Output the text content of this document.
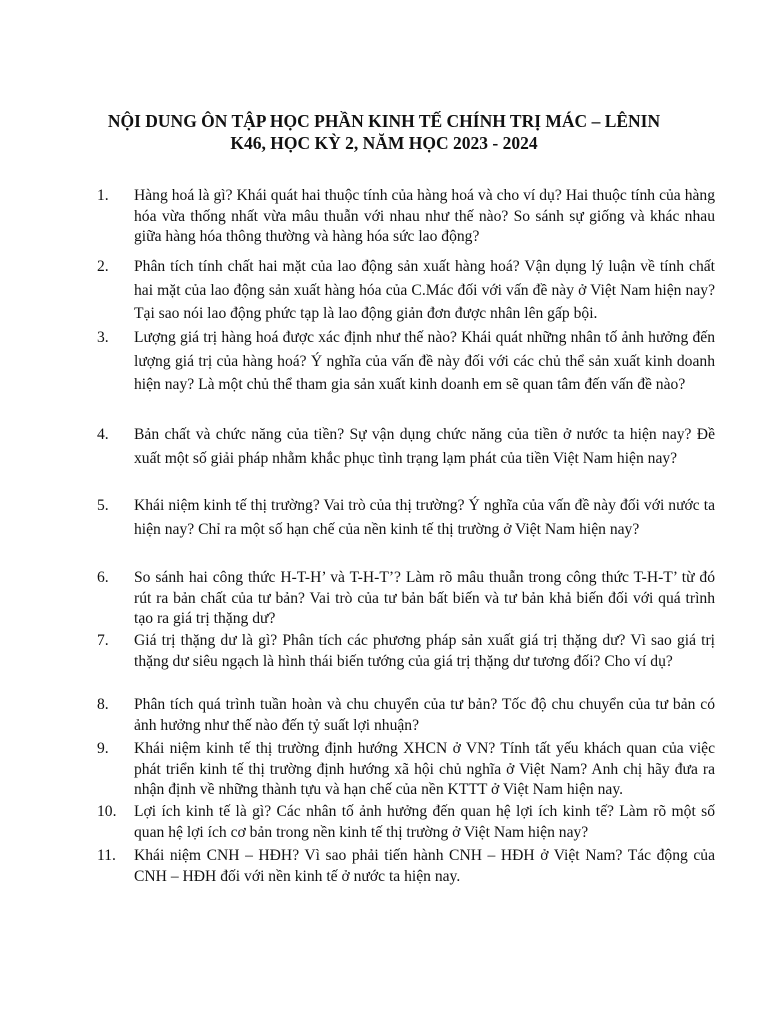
NỘI DUNG ÔN TẬP HỌC PHẦN KINH TẾ CHÍNH TRỊ MÁC – LÊNIN
K46, HỌC KỲ 2, NĂM HỌC 2023 - 2024
1.	Hàng hoá là gì? Khái quát hai thuộc tính của hàng hoá và cho ví dụ? Hai thuộc tính của hàng hóa vừa thống nhất vừa mâu thuẫn với nhau như thế nào? So sánh sự giống và khác nhau giữa hàng hóa thông thường và hàng hóa sức lao động?
2.	Phân tích tính chất hai mặt của lao động sản xuất hàng hoá? Vận dụng lý luận về tính chất hai mặt của lao động sản xuất hàng hóa của C.Mác đối với vấn đề này ở Việt Nam hiện nay? Tại sao nói lao động phức tạp là lao động giản đơn được nhân lên gấp bội.
3.	Lượng giá trị hàng hoá được xác định như thế nào? Khái quát những nhân tố ảnh hưởng đến lượng giá trị của hàng hoá? Ý nghĩa của vấn đề này đối với các chủ thể sản xuất kinh doanh hiện nay? Là một chủ thể tham gia sản xuất kinh doanh em sẽ quan tâm đến vấn đề nào?
4.	Bản chất và chức năng của tiền? Sự vận dụng chức năng của tiền ở nước ta hiện nay? Đề xuất một số giải pháp nhằm khắc phục tình trạng lạm phát của tiền Việt Nam hiện nay?
5.	Khái niệm kinh tế thị trường? Vai trò của thị trường? Ý nghĩa của vấn đề này đối với nước ta hiện nay? Chỉ ra một số hạn chế của nền kinh tế thị trường ở Việt Nam hiện nay?
6.	So sánh hai công thức H-T-H’ và T-H-T’? Làm rõ mâu thuẫn trong công thức T-H-T’ từ đó rút ra bản chất của tư bản? Vai trò của tư bản bất biến và tư bản khả biến đối với quá trình tạo ra giá trị thặng dư?
7.	Giá trị thặng dư là gì? Phân tích các phương pháp sản xuất giá trị thặng dư? Vì sao giá trị thặng dư siêu ngạch là hình thái biến tướng của giá trị thặng dư tương đối? Cho ví dụ?
8.	Phân tích quá trình tuần hoàn và chu chuyển của tư bản? Tốc độ chu chuyển của tư bản có ảnh hưởng như thế nào đến tỷ suất lợi nhuận?
9.	Khái niệm kinh tế thị trường định hướng XHCN ở VN? Tính tất yếu khách quan của việc phát triển kinh tế thị trường định hướng xã hội chủ nghĩa ở Việt Nam? Anh chị hãy đưa ra nhận định về những thành tựu và hạn chế của nền KTTT ở Việt Nam hiện nay.
10.	Lợi ích kinh tế là gì? Các nhân tố ảnh hưởng đến quan hệ lợi ích kinh tế? Làm rõ một số quan hệ lợi ích cơ bản trong nền kinh tế thị trường ở Việt Nam hiện nay?
11.	Khái niệm CNH – HĐH? Vì sao phải tiến hành CNH – HĐH ở Việt Nam? Tác động của CNH – HĐH đối với nền kinh tế ở nước ta hiện nay.
